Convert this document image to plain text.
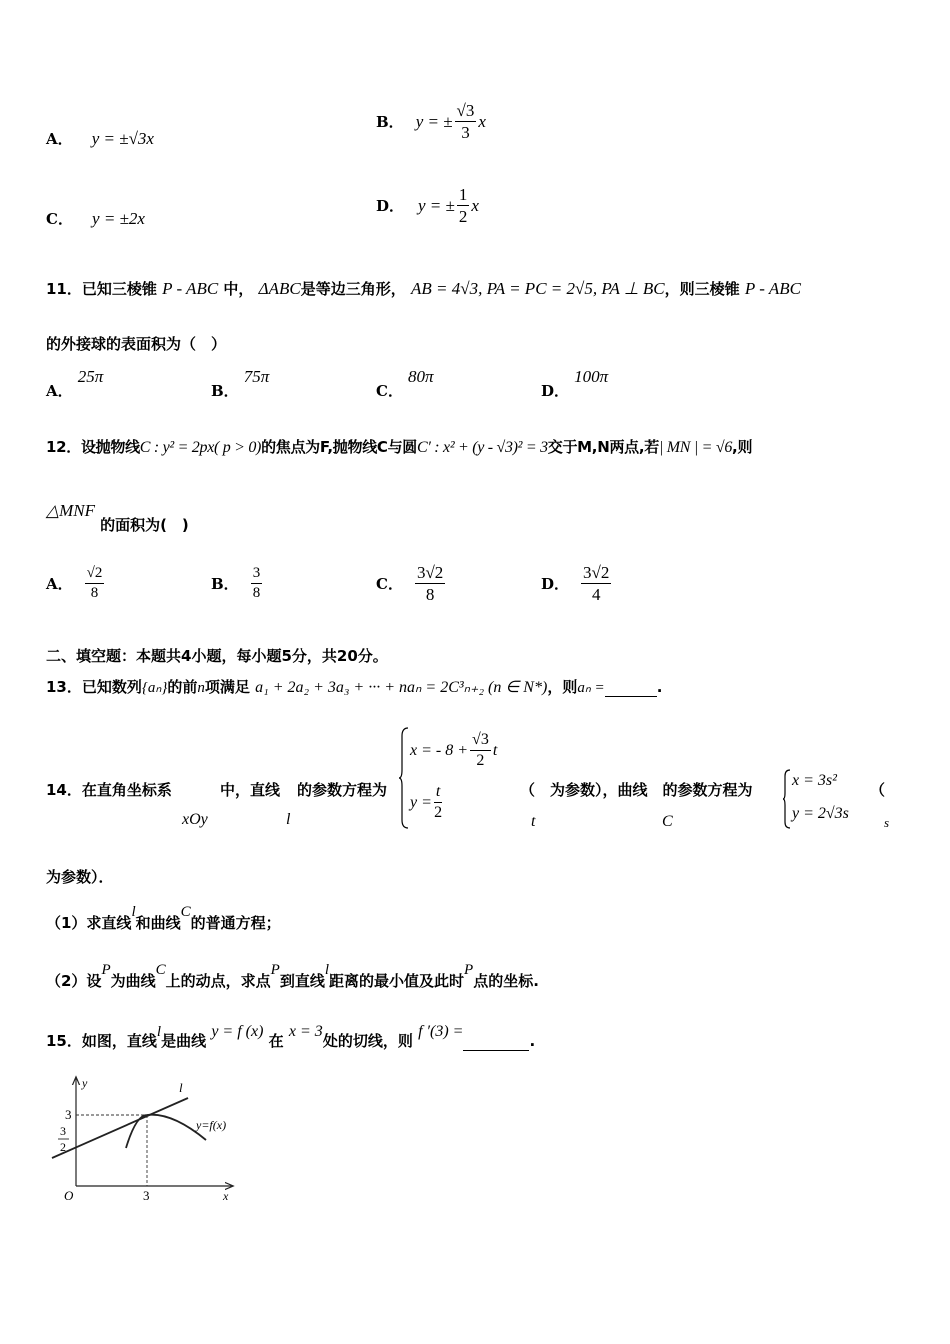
A． y = ±√3x
B． y = ± $\frac{√3}{3}$ x
C． y = ±2x
D． y = ± $\frac{1}{2}$ x
11．已知三棱锥 P - ABC 中， ΔABC是等边三角形， AB = 4√3, PA = PC = 2√5, PA ⊥ BC，则三棱锥 P - ABC
的外接球的表面积为（　）
A． 25π
B． 75π
C． 80π
D． 100π
12．设抛物线C : y² = 2px( p > 0)的焦点为F,抛物线C与圆C′ : x² + (y - √3)² = 3交于M,N两点,若| MN | = √6,则
△MNF 的面积为(　)
A． $\frac{√2}{8}$	B． $\frac{3}{8}$	C． $\frac{3√2}{8}$	D． $\frac{3√2}{4}$
二、填空题：本题共4小题，每小题5分，共20分。
13．已知数列{aₙ}的前n项满足 a₁ + 2a₂ + 3a₃ + ··· + naₙ = 2C³ₙ₊₂ (n ∈ N*)，则aₙ =	.
14．在直角坐标系
xOy
中，直线
l
的参数方程为
x = - $8 + \frac{√3}{2}$ t
$y = \frac{t}{2}$	（　为参数），曲线　的参数方程为
t	C
x = 3s²
y = 2√3s
（
s
为参数）．
（1）求直线l和曲线C的普通方程；
（2）设P为曲线C上的动点，求点P到直线l距离的最小值及此时P点的坐标.
15．如图，直线l是曲线 y = f (x) 在 x = 3处的切线，则 f ′(3) = .
y
x
O
3
3
2
3
l
y=f(x)
